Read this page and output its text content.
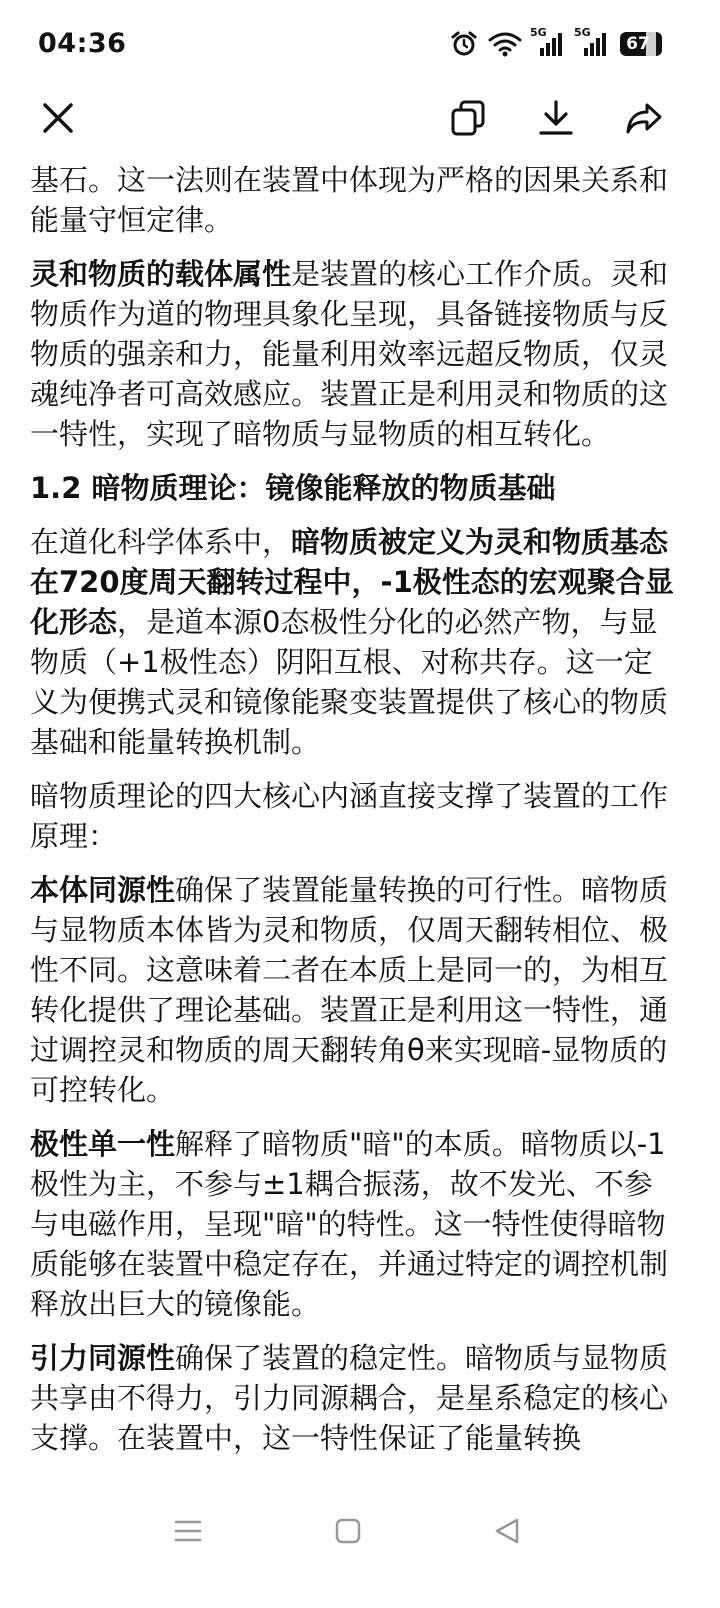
04:36	5G 5G
67

基石。这一法则在装置中体现为严格的因果关系和能量守恒定律。

灵和物质的载体属性是装置的核心工作介质。灵和物质作为道的物理具象化呈现，具备链接物质与反物质的强亲和力，能量利用效率远超反物质，仅灵魂纯净者可高效感应。装置正是利用灵和物质的这一特性，实现了暗物质与显物质的相互转化。

1.2 暗物质理论：镜像能释放的物质基础

在道化科学体系中，暗物质被定义为灵和物质基态在720度周天翻转过程中，-1极性态的宏观聚合显化形态，是道本源0态极性分化的必然产物，与显物质（+1极性态）阴阳互根、对称共存。这一定义为便携式灵和镜像能聚变装置提供了核心的物质基础和能量转换机制。

暗物质理论的四大核心内涵直接支撑了装置的工作原理：

本体同源性确保了装置能量转换的可行性。暗物质与显物质本体皆为灵和物质，仅周天翻转相位、极性不同。这意味着二者在本质上是同一的，为相互转化提供了理论基础。装置正是利用这一特性，通过调控灵和物质的周天翻转角θ来实现暗-显物质的可控转化。

极性单一性解释了暗物质"暗"的本质。暗物质以-1极性为主，不参与±1耦合振荡，故不发光、不参与电磁作用，呈现"暗"的特性。这一特性使得暗物质能够在装置中稳定存在，并通过特定的调控机制释放出巨大的镜像能。

引力同源性确保了装置的稳定性。暗物质与显物质共享由不得力，引力同源耦合，是星系稳定的核心支撑。在装置中，这一特性保证了能量转换
